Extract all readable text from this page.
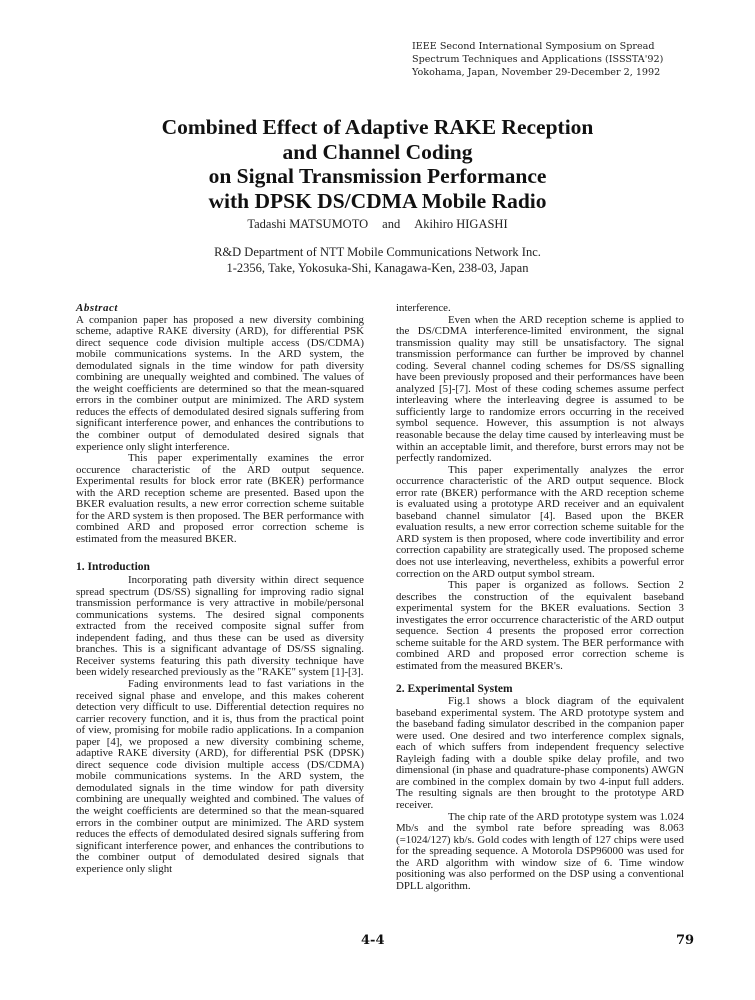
IEEE Second International Symposium on Spread
Spectrum Techniques and Applications (ISSSTA'92)
Yokohama, Japan, November 29-December 2, 1992
Combined Effect of Adaptive RAKE Reception
and Channel Coding
on Signal Transmission Performance
with DPSK DS/CDMA Mobile Radio
Tadashi MATSUMOTO and Akihiro HIGASHI
R&D Department of NTT Mobile Communications Network Inc.
1-2356, Take, Yokosuka-Shi, Kanagawa-Ken, 238-03, Japan
Abstract

A companion paper has proposed a new diversity combining scheme, adaptive RAKE diversity (ARD), for differential PSK direct sequence code division multiple access (DS/CDMA) mobile communications systems. In the ARD system, the demodulated signals in the time window for path diversity combining are unequally weighted and combined. The values of the weight coefficients are determined so that the mean-squared errors in the combiner output are minimized. The ARD system reduces the effects of demodulated desired signals suffering from significant interference power, and enhances the contributions to the combiner output of demodulated desired signals that experience only slight interference.

This paper experimentally examines the error occurence characteristic of the ARD output sequence. Experimental results for block error rate (BKER) performance with the ARD reception scheme are presented. Based upon the BKER evaluation results, a new error correction scheme suitable for the ARD system is then proposed. The BER performance with combined ARD and proposed error correction scheme is estimated from the measured BKER.

1. Introduction

Incorporating path diversity within direct sequence spread spectrum (DS/SS) signalling for improving radio signal transmission performance is very attractive in mobile/personal communications systems. The desired signal components extracted from the received composite signal suffer from independent fading, and thus these can be used as diversity branches. This is a significant advantage of DS/SS signaling. Receiver systems featuring this path diversity technique have been widely researched previously as the "RAKE" system [1]-[3].

Fading environments lead to fast variations in the received signal phase and envelope, and this makes coherent detection very difficult to use. Differential detection requires no carrier recovery function, and it is, thus from the practical point of view, promising for mobile radio applications. In a companion paper [4], we proposed a new diversity combining scheme, adaptive RAKE diversity (ARD), for differential PSK (DPSK) direct sequence code division multiple access (DS/CDMA) mobile communications systems. In the ARD system, the demodulated signals in the time window for path diversity combining are unequally weighted and combined. The values of the weight coefficients are determined so that the mean-squared errors in the combiner output are minimized. The ARD system reduces the effects of demodulated desired signals suffering from significant interference power, and enhances the contributions to the combiner output of demodulated desired signals that experience only slight

interference.

Even when the ARD reception scheme is applied to the DS/CDMA interference-limited environment, the signal transmission quality may still be unsatisfactory. The signal transmission performance can further be improved by channel coding. Several channel coding schemes for DS/SS signalling have been previously proposed and their performances have been analyzed [5]-[7]. Most of these coding schemes assume perfect interleaving where the interleaving degree is assumed to be sufficiently large to randomize errors occurring in the received symbol sequence. However, this assumption is not always reasonable because the delay time caused by interleaving must be within an acceptable limit, and therefore, burst errors may not be perfectly randomized.

This paper experimentally analyzes the error occurrence characteristic of the ARD output sequence. Block error rate (BKER) performance with the ARD reception scheme is evaluated using a prototype ARD receiver and an equivalent baseband channel simulator [4]. Based upon the BKER evaluation results, a new error correction scheme suitable for the ARD system is then proposed, where code invertibility and error correction capability are strategically used. The proposed scheme does not use interleaving, nevertheless, exhibits a powerful error correction on the ARD output symbol stream.

This paper is organized as follows. Section 2 describes the construction of the equivalent baseband experimental system for the BKER evaluations. Section 3 investigates the error occurrence characteristic of the ARD output sequence. Section 4 presents the proposed error correction scheme suitable for the ARD system. The BER performance with combined ARD and proposed error correction scheme is estimated from the measured BKER's.

2. Experimental System

Fig.1 shows a block diagram of the equivalent baseband experimental system. The ARD prototype system and the baseband fading simulator described in the companion paper were used. One desired and two interference complex signals, each of which suffers from independent frequency selective Rayleigh fading with a double spike delay profile, and two dimensional (in phase and quadrature-phase components) AWGN are combined in the complex domain by two 4-input full adders. The resulting signals are then brought to the prototype ARD receiver.

The chip rate of the ARD prototype system was 1.024 Mb/s and the symbol rate before spreading was 8.063 (=1024/127) kb/s. Gold codes with length of 127 chips were used for the spreading sequence. A Motorola DSP96000 was used for the ARD algorithm with window size of 6. Time window positioning was also performed on the DSP using a conventional DPLL algorithm.

4-4	79
